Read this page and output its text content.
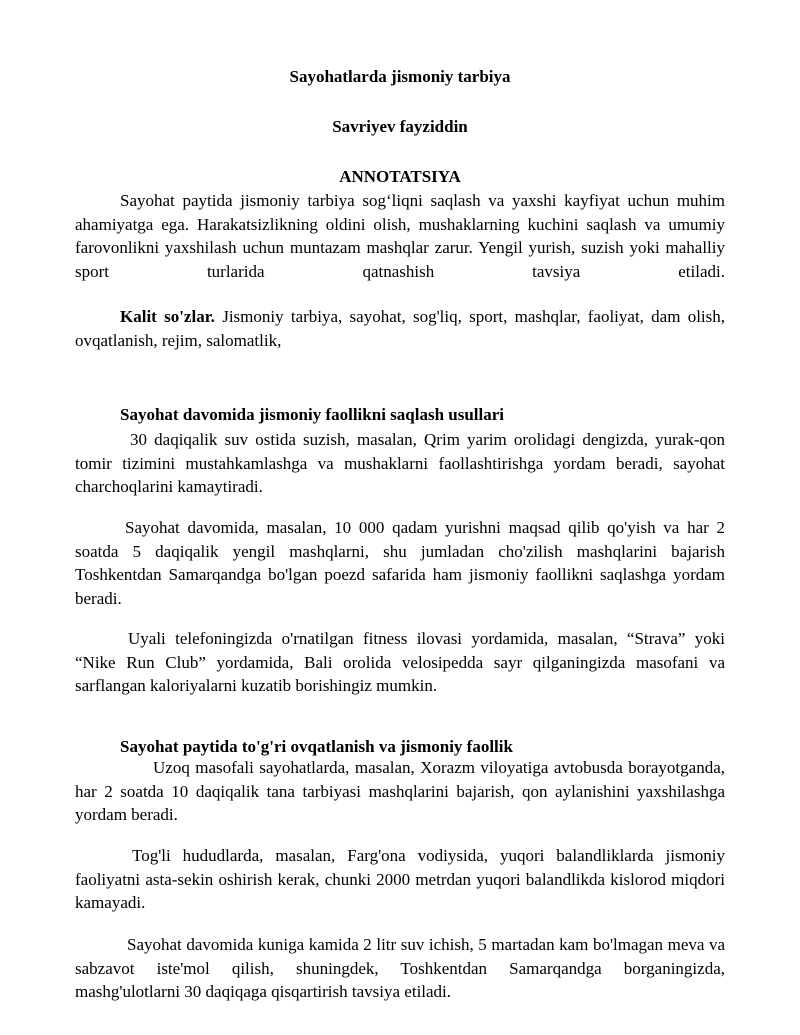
Sayohatlarda jismoniy tarbiya
Savriyev fayziddin
ANNOTATSIYA
Sayohat paytida jismoniy tarbiya sog‘liqni saqlash va yaxshi kayfiyat uchun muhim ahamiyatga ega. Harakatsizlikning oldini olish, mushaklarning kuchini saqlash va umumiy farovonlikni yaxshilash uchun muntazam mashqlar zarur. Yengil yurish, suzish yoki mahalliy sport turlarida qatnashish tavsiya etiladi.
Kalit so'zlar. Jismoniy tarbiya, sayohat, sog'liq, sport, mashqlar, faoliyat, dam olish, ovqatlanish, rejim, salomatlik,
Sayohat davomida jismoniy faollikni saqlash usullari
30 daqiqalik suv ostida suzish, masalan, Qrim yarim orolidagi dengizda, yurak-qon tomir tizimini mustahkamlashga va mushaklarni faollashtirishga yordam beradi, sayohat charchoqlarini kamaytiradi.
Sayohat davomida, masalan, 10 000 qadam yurishni maqsad qilib qo'yish va har 2 soatda 5 daqiqalik yengil mashqlarni, shu jumladan cho'zilish mashqlarini bajarish Toshkentdan Samarqandga bo'lgan poezd safarida ham jismoniy faollikni saqlashga yordam beradi.
Uyali telefoningizda o'rnatilgan fitness ilovasi yordamida, masalan, “Strava” yoki “Nike Run Club” yordamida, Bali orolida velosipedda sayr qilganingizda masofani va sarflangan kaloriyalarni kuzatib borishingiz mumkin.
Sayohat paytida to'g'ri ovqatlanish va jismoniy faollik
Uzoq masofali sayohatlarda, masalan, Xorazm viloyatiga avtobusda borayotganda, har 2 soatda 10 daqiqalik tana tarbiyasi mashqlarini bajarish, qon aylanishini yaxshilashga yordam beradi.
Tog'li hududlarda, masalan, Farg'ona vodiysida, yuqori balandliklarda jismoniy faoliyatni asta-sekin oshirish kerak, chunki 2000 metrdan yuqori balandlikda kislorod miqdori kamayadi.
Sayohat davomida kuniga kamida 2 litr suv ichish, 5 martadan kam bo'lmagan meva va sabzavot iste'mol qilish, shuningdek, Toshkentdan Samarqandga borganingizda, mashg'ulotlarni 30 daqiqaga qisqartirish tavsiya etiladi.
